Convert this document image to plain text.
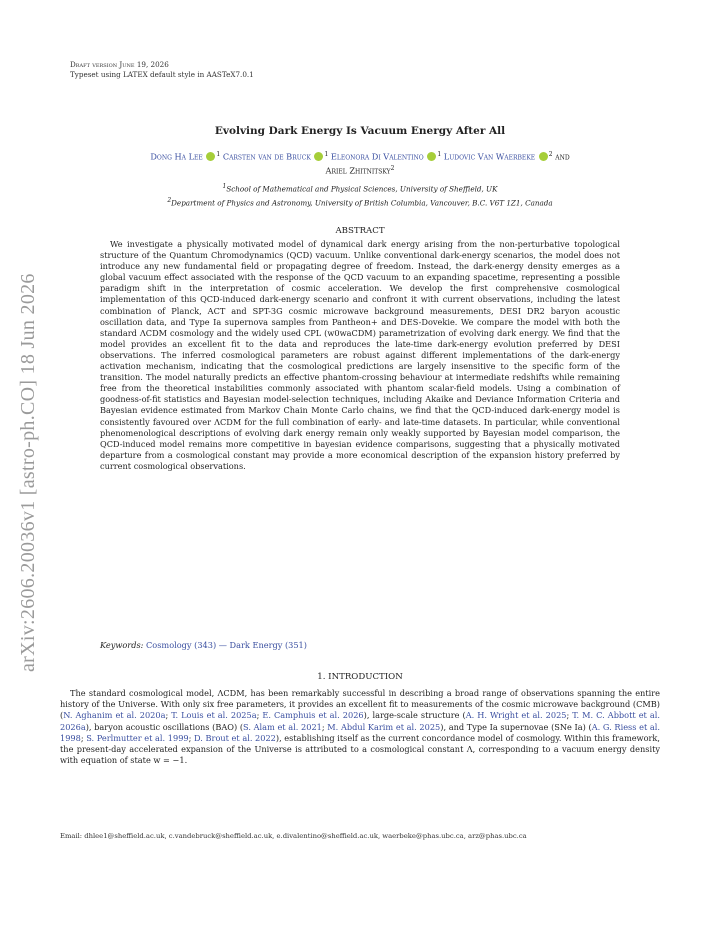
arXiv:2606.20036v1 [astro-ph.CO] 18 Jun 2026
Draft version June 19, 2026
Typeset using LATEX default style in AASTeX7.0.1
Evolving Dark Energy Is Vacuum Energy After All
Dong Ha Lee $^1$ Carsten van de Bruck $^1$ Eleonora Di Valentino $^1$ Ludovic Van Waerbeke $^2$ and
Ariel Zhitnitsky$^2$
$^1$School of Mathematical and Physical Sciences, University of Sheffield, UK
$^2$Department of Physics and Astronomy, University of British Columbia, Vancouver, B.C. V6T 1Z1, Canada
ABSTRACT
We investigate a physically motivated model of dynamical dark energy arising from the non-perturbative topological structure of the Quantum Chromodynamics (QCD) vacuum. Unlike conventional dark-energy scenarios, the model does not introduce any new fundamental field or propagating degree of freedom. Instead, the dark-energy density emerges as a global vacuum effect associated with the response of the QCD vacuum to an expanding spacetime, representing a possible paradigm shift in the interpretation of cosmic acceleration. We develop the first comprehensive cosmological implementation of this QCD-induced dark-energy scenario and confront it with current observations, including the latest combination of Planck, ACT and SPT-3G cosmic microwave background measurements, DESI DR2 baryon acoustic oscillation data, and Type Ia supernova samples from Pantheon+ and DES-Dovekie. We compare the model with both the standard ΛCDM cosmology and the widely used CPL (w0waCDM) parametrization of evolving dark energy. We find that the model provides an excellent fit to the data and reproduces the late-time dark-energy evolution preferred by DESI observations. The inferred cosmological parameters are robust against different implementations of the dark-energy activation mechanism, indicating that the cosmological predictions are largely insensitive to the specific form of the transition. The model naturally predicts an effective phantom-crossing behaviour at intermediate redshifts while remaining free from the theoretical instabilities commonly associated with phantom scalar-field models. Using a combination of goodness-of-fit statistics and Bayesian model-selection techniques, including Akaike and Deviance Information Criteria and Bayesian evidence estimated from Markov Chain Monte Carlo chains, we find that the QCD-induced dark-energy model is consistently favoured over ΛCDM for the full combination of early- and late-time datasets. In particular, while conventional phenomenological descriptions of evolving dark energy remain only weakly supported by Bayesian model comparison, the QCD-induced model remains more competitive in bayesian evidence comparisons, suggesting that a physically motivated departure from a cosmological constant may provide a more economical description of the expansion history preferred by current cosmological observations.
Keywords: Cosmology (343) — Dark Energy (351)
1. INTRODUCTION
The standard cosmological model, ΛCDM, has been remarkably successful in describing a broad range of observations spanning the entire history of the Universe. With only six free parameters, it provides an excellent fit to measurements of the cosmic microwave background (CMB) (N. Aghanim et al. 2020a; T. Louis et al. 2025a; E. Camphuis et al. 2026), large-scale structure (A. H. Wright et al. 2025; T. M. C. Abbott et al. 2026a), baryon acoustic oscillations (BAO) (S. Alam et al. 2021; M. Abdul Karim et al. 2025), and Type Ia supernovae (SNe Ia) (A. G. Riess et al. 1998; S. Perlmutter et al. 1999; D. Brout et al. 2022), establishing itself as the current concordance model of cosmology. Within this framework, the present-day accelerated expansion of the Universe is attributed to a cosmological constant Λ, corresponding to a vacuum energy density with equation of state w = −1.
Email: dhlee1@sheffield.ac.uk, c.vandebruck@sheffield.ac.uk, e.divalentino@sheffield.ac.uk, waerbeke@phas.ubc.ca, arz@phas.ubc.ca
